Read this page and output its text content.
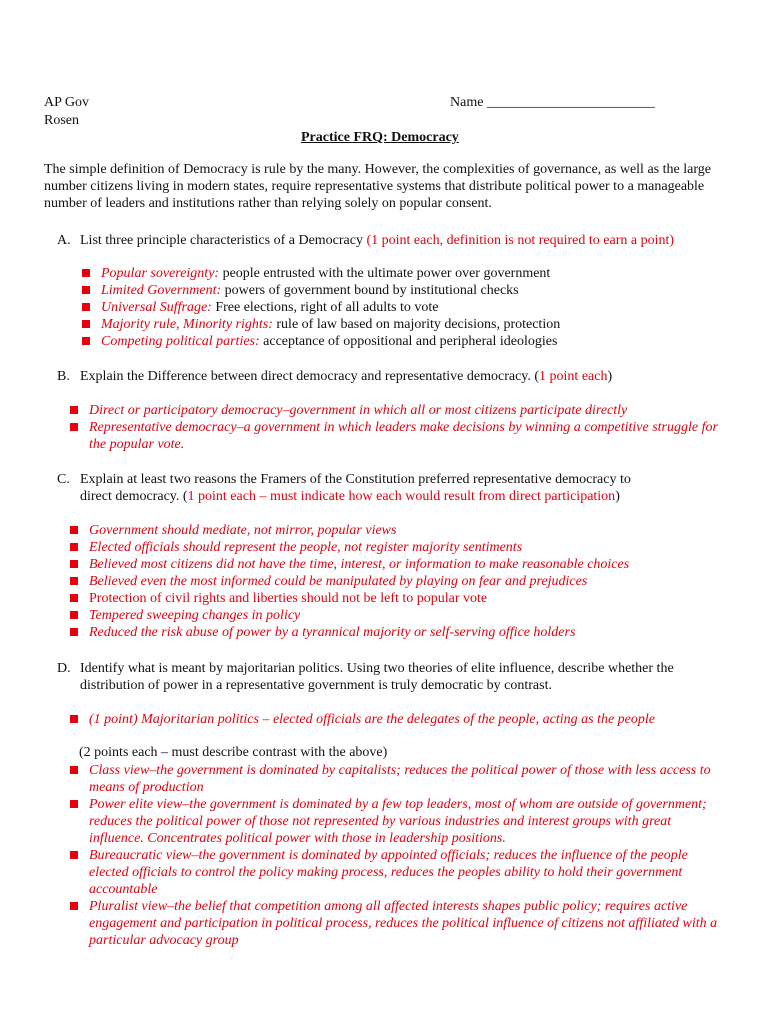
AP Gov
Rosen
Name ________________________
Practice FRQ: Democracy
The simple definition of Democracy is rule by the many. However, the complexities of governance, as well as the large number citizens living in modern states, require representative systems that distribute political power to a manageable number of leaders and institutions rather than relying solely on popular consent.
A. List three principle characteristics of a Democracy (1 point each, definition is not required to earn a point)
Popular sovereignty: people entrusted with the ultimate power over government
Limited Government: powers of government bound by institutional checks
Universal Suffrage: Free elections, right of all adults to vote
Majority rule, Minority rights: rule of law based on majority decisions, protection
Competing political parties: acceptance of oppositional and peripheral ideologies
B. Explain the Difference between direct democracy and representative democracy. (1 point each)
Direct or participatory democracy–government in which all or most citizens participate directly
Representative democracy–a government in which leaders make decisions by winning a competitive struggle for the popular vote.
C. Explain at least two reasons the Framers of the Constitution preferred representative democracy to direct democracy. (1 point each – must indicate how each would result from direct participation)
Government should mediate, not mirror, popular views
Elected officials should represent the people, not register majority sentiments
Believed most citizens did not have the time, interest, or information to make reasonable choices
Believed even the most informed could be manipulated by playing on fear and prejudices
Protection of civil rights and liberties should not be left to popular vote
Tempered sweeping changes in policy
Reduced the risk abuse of power by a tyrannical majority or self-serving office holders
D. Identify what is meant by majoritarian politics. Using two theories of elite influence, describe whether the distribution of power in a representative government is truly democratic by contrast.
(1 point) Majoritarian politics – elected officials are the delegates of the people, acting as the people
(2 points each – must describe contrast with the above)
Class view–the government is dominated by capitalists; reduces the political power of those with less access to means of production
Power elite view–the government is dominated by a few top leaders, most of whom are outside of government; reduces the political power of those not represented by various industries and interest groups with great influence. Concentrates political power with those in leadership positions.
Bureaucratic view–the government is dominated by appointed officials; reduces the influence of the people elected officials to control the policy making process, reduces the peoples ability to hold their government accountable
Pluralist view–the belief that competition among all affected interests shapes public policy; requires active engagement and participation in political process, reduces the political influence of citizens not affiliated with a particular advocacy group
